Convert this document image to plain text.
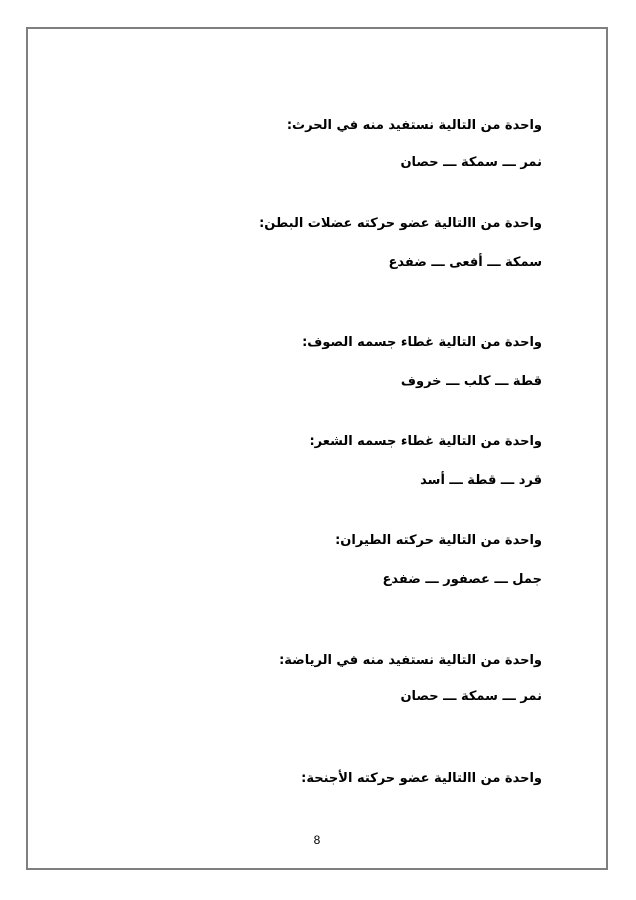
واحدة من التالية نستفيد منه في الحرث:
نمر ـــ سمكة ـــ حصان
واحدة من االتالية عضو حركته عضلات البطن:
سمكة ـــ أفعى ـــ ضفدع
واحدة من التالية غطاء جسمه الصوف:
قطة ـــ كلب ـــ خروف
واحدة من التالية غطاء جسمه الشعر:
قرد ـــ قطة ـــ أسد
واحدة من التالية حركته الطيران:
جمل ـــ عصفور ـــ ضفدع
واحدة من التالية نستفيد منه في الرياضة:
نمر ـــ سمكة ـــ حصان
واحدة من االتالية عضو حركته الأجنحة:
8
